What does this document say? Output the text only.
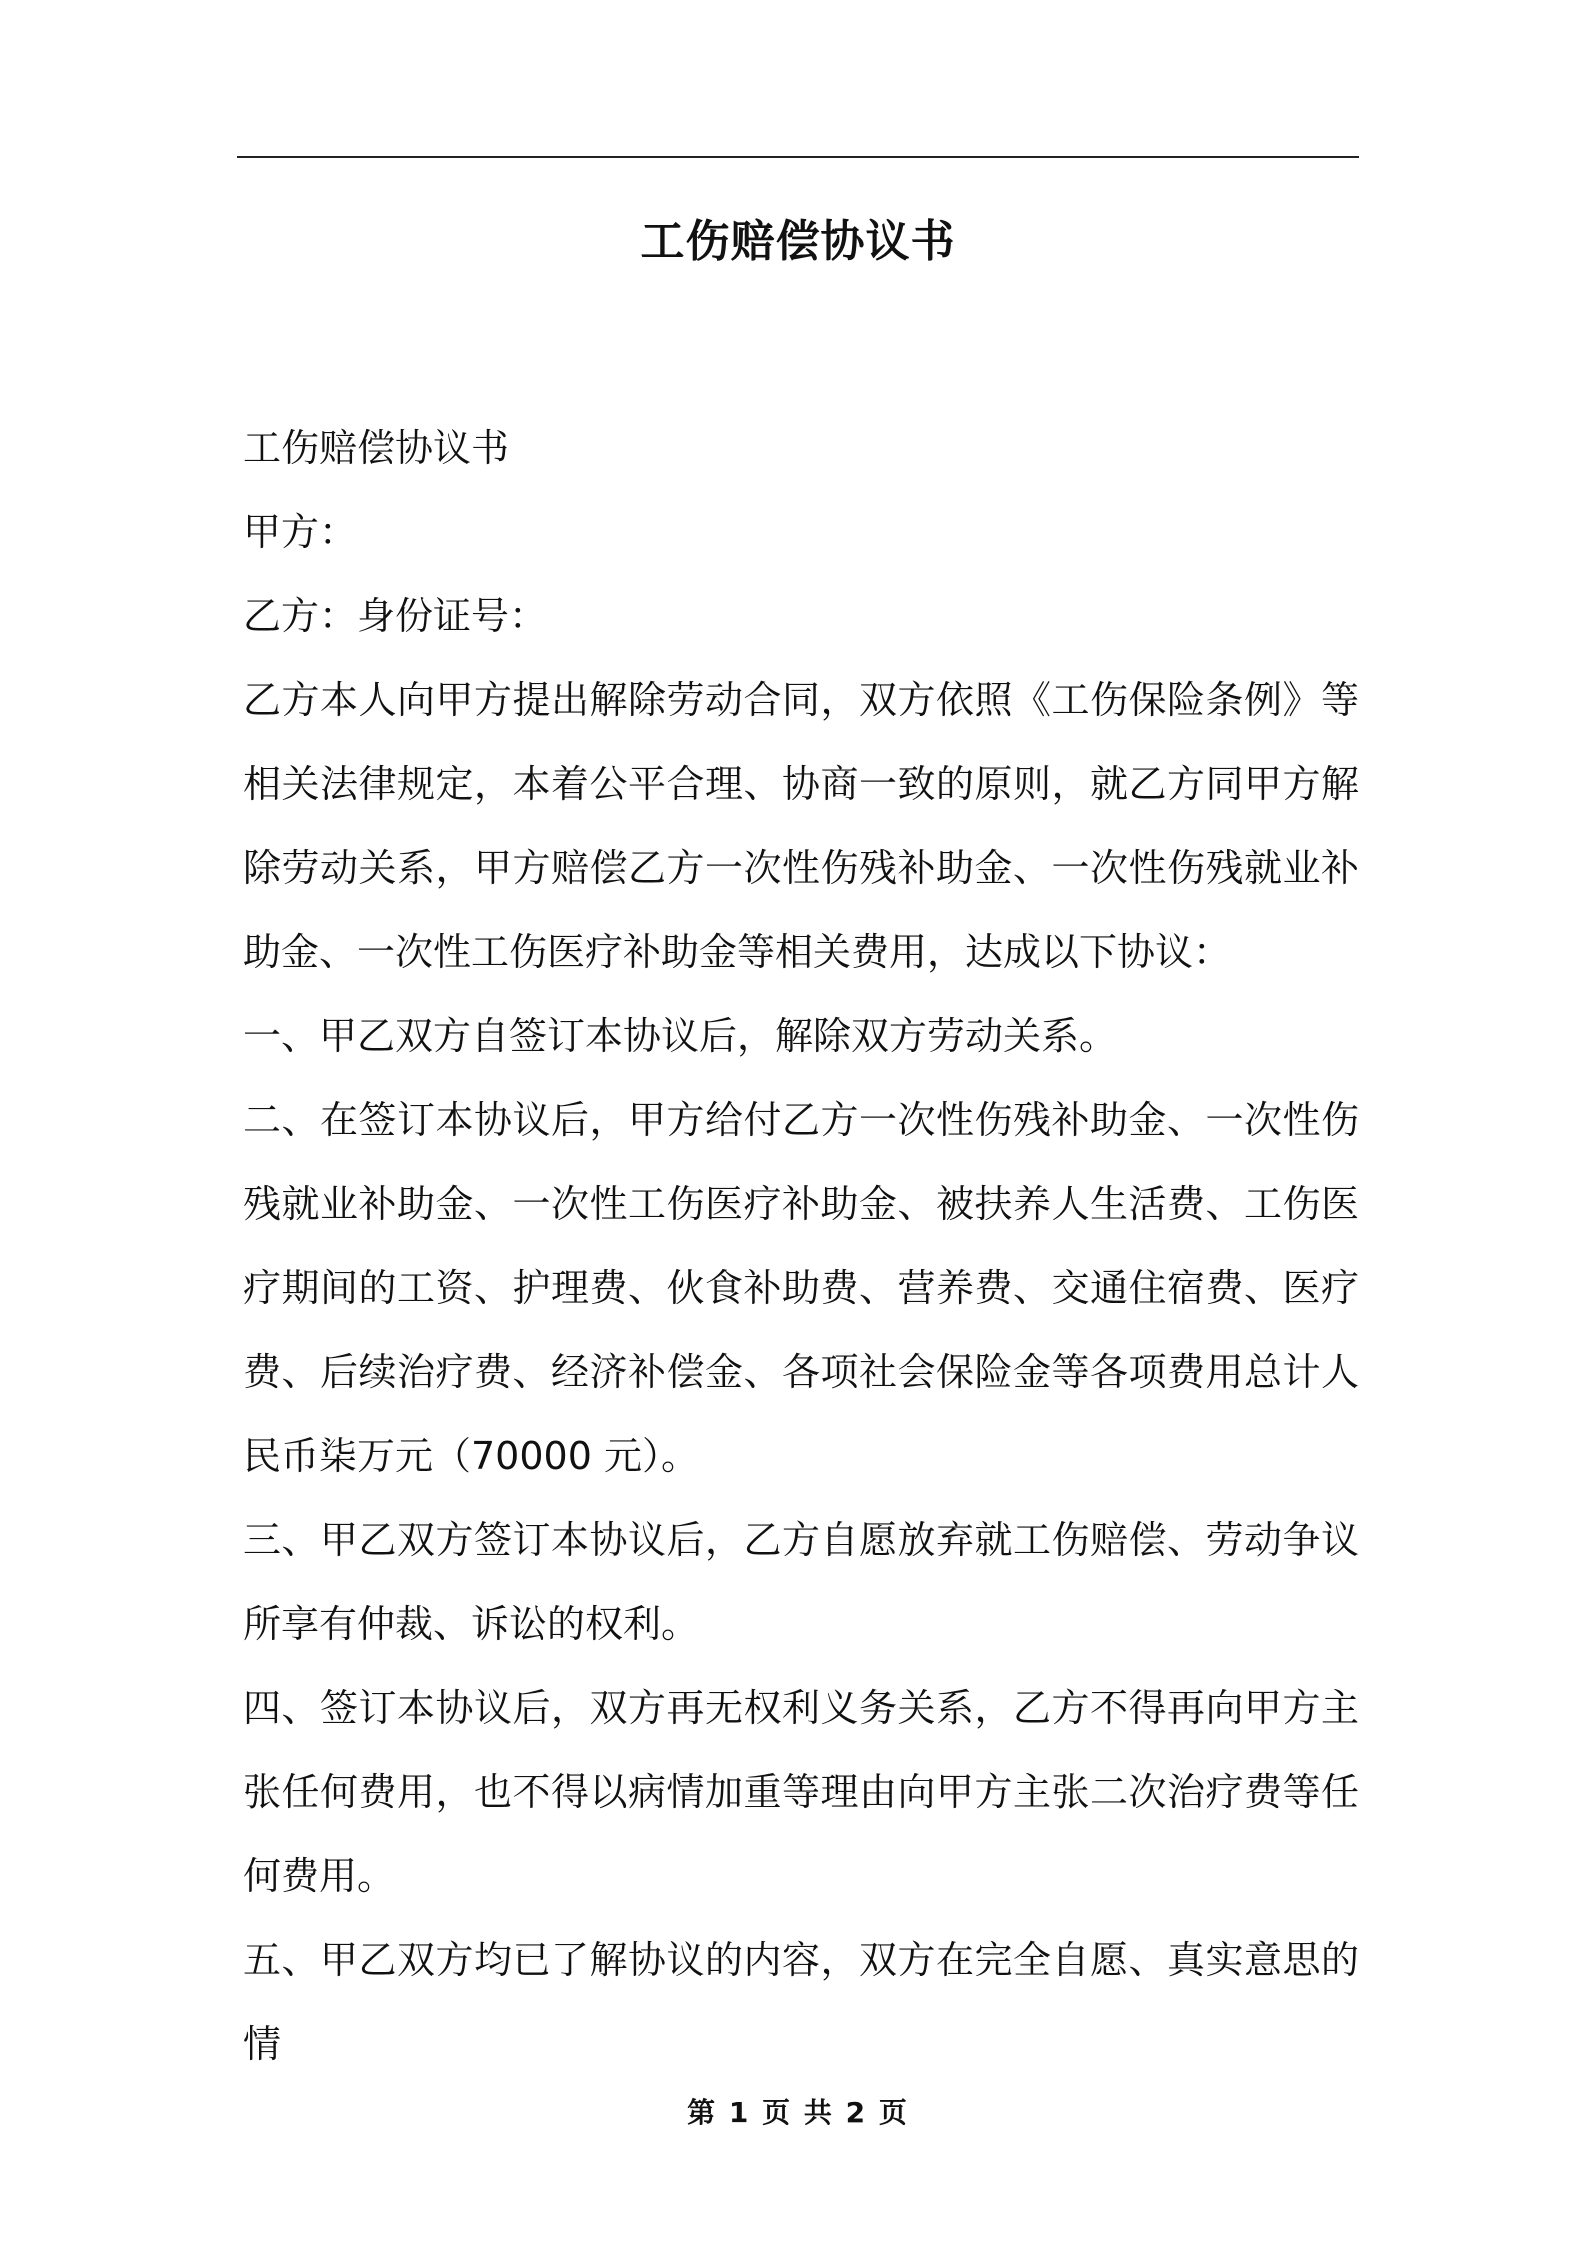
工伤赔偿协议书

工伤赔偿协议书

甲方：

乙方：身份证号：

乙方本人向甲方提出解除劳动合同，双方依照《工伤保险条例》等相关法律规定，本着公平合理、协商一致的原则，就乙方同甲方解除劳动关系，甲方赔偿乙方一次性伤残补助金、一次性伤残就业补助金、一次性工伤医疗补助金等相关费用，达成以下协议：

一、甲乙双方自签订本协议后，解除双方劳动关系。

二、在签订本协议后，甲方给付乙方一次性伤残补助金、一次性伤残就业补助金、一次性工伤医疗补助金、被扶养人生活费、工伤医疗期间的工资、护理费、伙食补助费、营养费、交通住宿费、医疗费、后续治疗费、经济补偿金、各项社会保险金等各项费用总计人民币柒万元（70000 元）。

三、甲乙双方签订本协议后，乙方自愿放弃就工伤赔偿、劳动争议所享有仲裁、诉讼的权利。

四、签订本协议后，双方再无权利义务关系，乙方不得再向甲方主张任何费用，也不得以病情加重等理由向甲方主张二次治疗费等任何费用。

五、甲乙双方均已了解协议的内容，双方在完全自愿、真实意思的情

第 1 页 共 2 页
